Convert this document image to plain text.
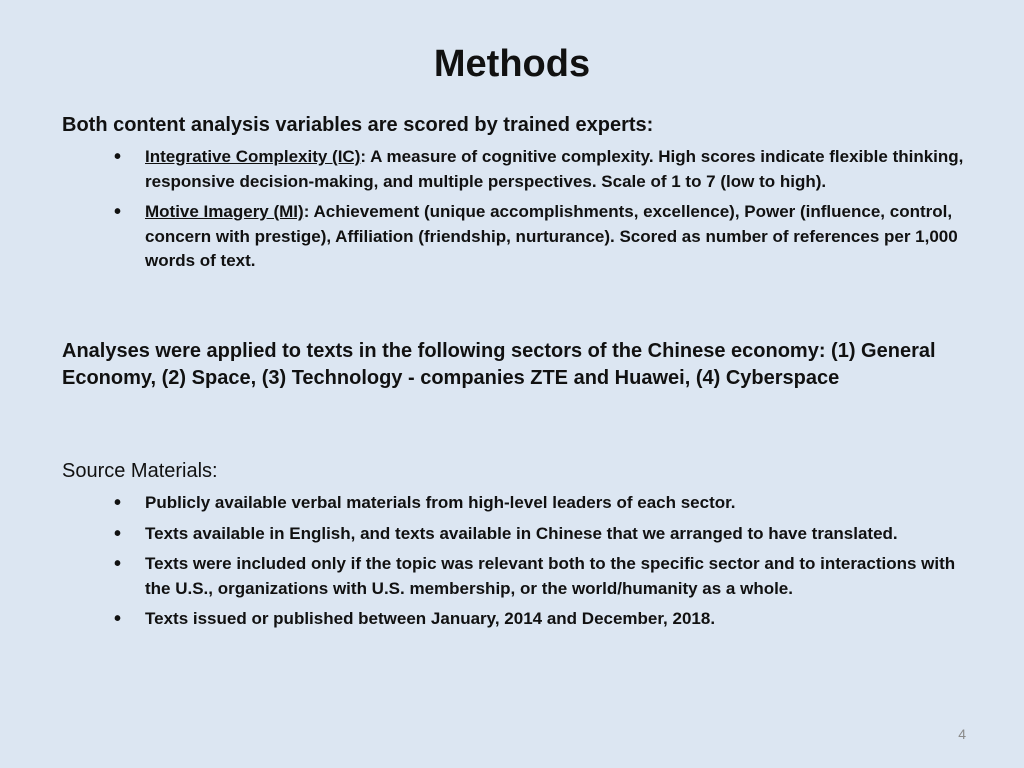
Methods
Both content analysis variables are scored by trained experts:
• Integrative Complexity (IC): A measure of cognitive complexity. High scores indicate flexible thinking, responsive decision-making, and multiple perspectives. Scale of 1 to 7 (low to high).
• Motive Imagery (MI): Achievement (unique accomplishments, excellence), Power (influence, control, concern with prestige), Affiliation (friendship, nurturance). Scored as number of references per 1,000 words of text.
Analyses were applied to texts in the following sectors of the Chinese economy: (1) General Economy, (2) Space, (3) Technology - companies ZTE and Huawei, (4) Cyberspace
Source Materials:
• Publicly available verbal materials from high-level leaders of each sector.
• Texts available in English, and texts available in Chinese that we arranged to have translated.
• Texts were included only if the topic was relevant both to the specific sector and to interactions with the U.S., organizations with U.S. membership, or the world/humanity as a whole.
• Texts issued or published between January, 2014 and December, 2018.
4
